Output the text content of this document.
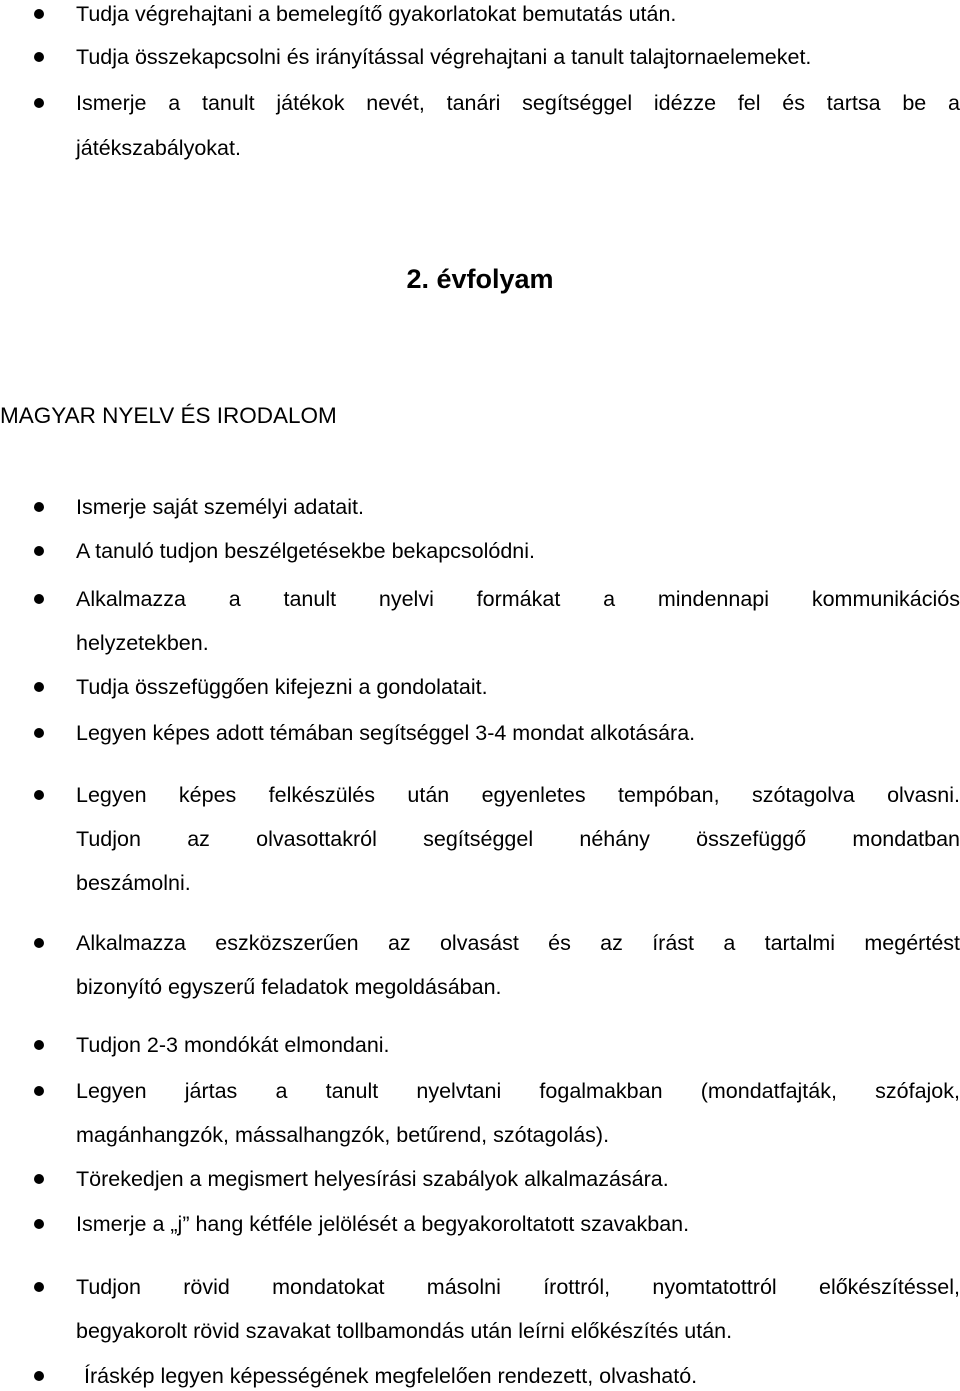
Tudja végrehajtani a bemelegítő gyakorlatokat bemutatás után.
Tudja összekapcsolni és irányítással végrehajtani a tanult talajtornaelemeket.
Ismerje a tanult játékok nevét, tanári segítséggel idézze fel és tartsa be a
játékszabályokat.
2. évfolyam
MAGYAR NYELV ÉS IRODALOM
Ismerje saját személyi adatait.
A tanuló tudjon beszélgetésekbe bekapcsolódni.
Alkalmazza a tanult nyelvi formákat a mindennapi kommunikációs
helyzetekben.
Tudja összefüggően kifejezni a gondolatait.
Legyen képes adott témában segítséggel 3-4 mondat alkotására.
Legyen képes felkészülés után egyenletes tempóban, szótagolva olvasni.
Tudjon az olvasottakról segítséggel néhány összefüggő mondatban
beszámolni.
Alkalmazza eszközszerűen az olvasást és az írást a tartalmi megértést
bizonyító egyszerű feladatok megoldásában.
Tudjon 2-3 mondókát elmondani.
Legyen jártas a tanult nyelvtani fogalmakban (mondatfajták, szófajok,
magánhangzók, mássalhangzók, betűrend, szótagolás).
Törekedjen a megismert helyesírási szabályok alkalmazására.
Ismerje a „j” hang kétféle jelölését a begyakoroltatott szavakban.
Tudjon rövid mondatokat másolni írottról, nyomtatottról előkészítéssel,
begyakorolt rövid szavakat tollbamondás után leírni előkészítés után.
Íráskép legyen képességének megfelelően rendezett, olvasható.
